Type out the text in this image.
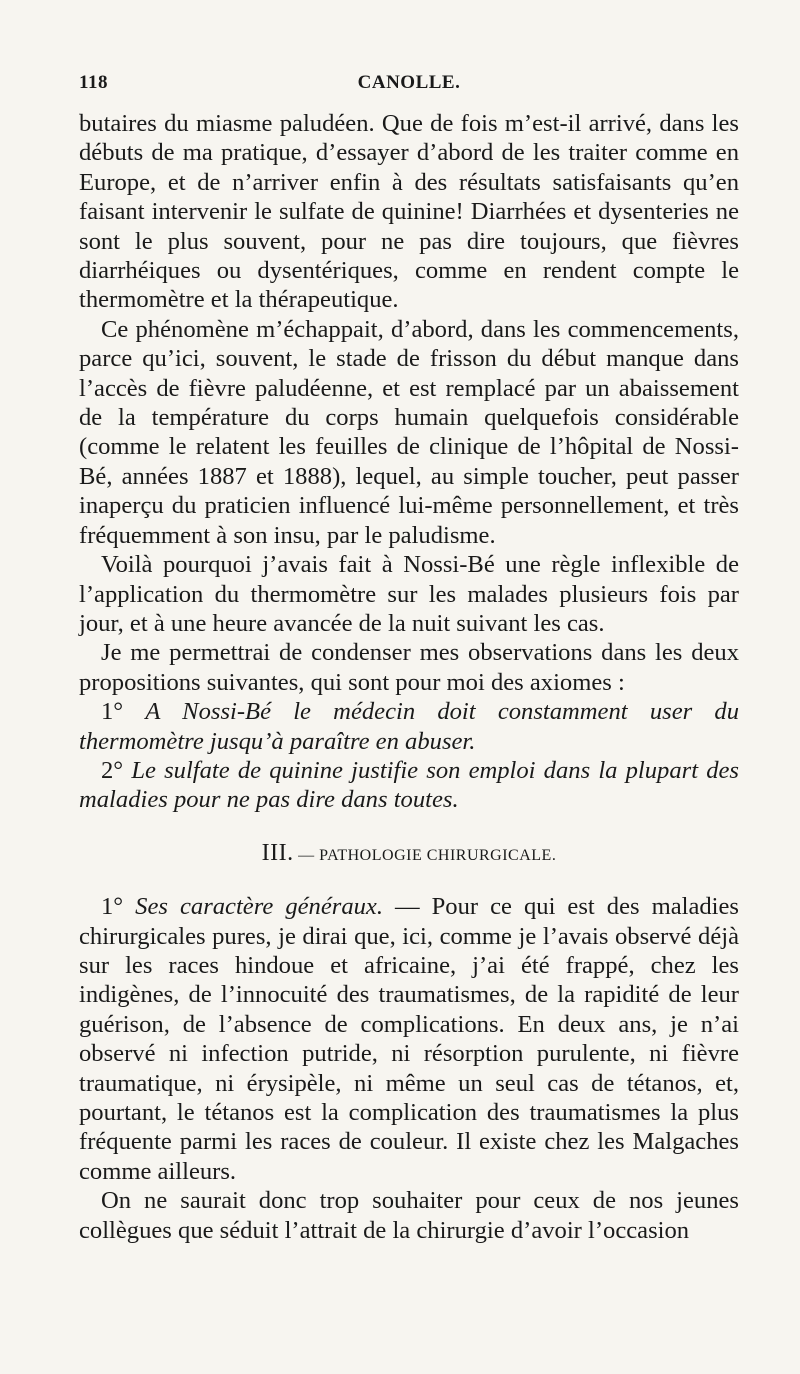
118	CANOLLE.

butaires du miasme paludéen. Que de fois m’est-il arrivé, dans les débuts de ma pratique, d’essayer d’abord de les traiter comme en Europe, et de n’arriver enfin à des résultats satisfaisants qu’en faisant intervenir le sulfate de quinine! Diarrhées et dysenteries ne sont le plus souvent, pour ne pas dire toujours, que fièvres diarrhéiques ou dysentériques, comme en rendent compte le thermomètre et la thérapeutique.

Ce phénomène m’échappait, d’abord, dans les commencements, parce qu’ici, souvent, le stade de frisson du début manque dans l’accès de fièvre paludéenne, et est remplacé par un abaissement de la température du corps humain quelquefois considérable (comme le relatent les feuilles de clinique de l’hôpital de Nossi-Bé, années 1887 et 1888), lequel, au simple toucher, peut passer inaperçu du praticien influencé lui-même personnellement, et très fréquemment à son insu, par le paludisme.

Voilà pourquoi j’avais fait à Nossi-Bé une règle inflexible de l’application du thermomètre sur les malades plusieurs fois par jour, et à une heure avancée de la nuit suivant les cas.

Je me permettrai de condenser mes observations dans les deux propositions suivantes, qui sont pour moi des axiomes :

1° A Nossi-Bé le médecin doit constamment user du thermomètre jusqu’à paraître en abuser.

2° Le sulfate de quinine justifie son emploi dans la plupart des maladies pour ne pas dire dans toutes.

III. — PATHOLOGIE CHIRURGICALE.

1° Ses caractère généraux. — Pour ce qui est des maladies chirurgicales pures, je dirai que, ici, comme je l’avais observé déjà sur les races hindoue et africaine, j’ai été frappé, chez les indigènes, de l’innocuité des traumatismes, de la rapidité de leur guérison, de l’absence de complications. En deux ans, je n’ai observé ni infection putride, ni résorption purulente, ni fièvre traumatique, ni érysipèle, ni même un seul cas de tétanos, et, pourtant, le tétanos est la complication des traumatismes la plus fréquente parmi les races de couleur. Il existe chez les Malgaches comme ailleurs.

On ne saurait donc trop souhaiter pour ceux de nos jeunes collègues que séduit l’attrait de la chirurgie d’avoir l’occasion
